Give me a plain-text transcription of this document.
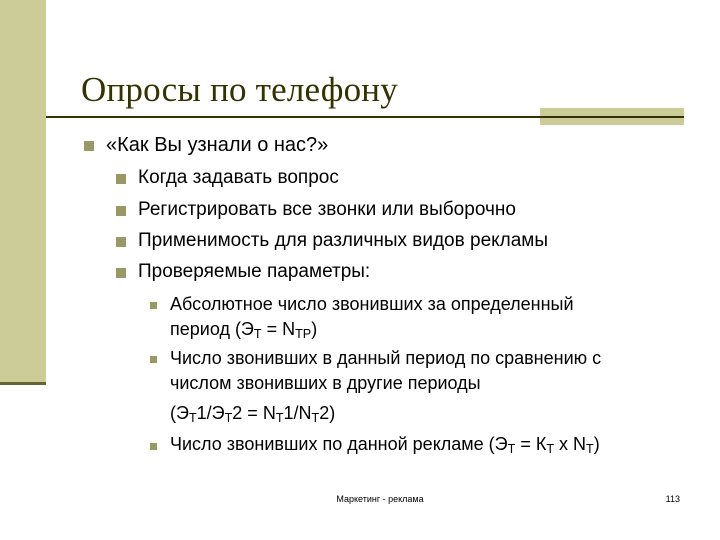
Опросы по телефону
«Как Вы узнали о нас?»
Когда задавать вопрос
Регистрировать все звонки или выборочно
Применимость для различных видов рекламы
Проверяемые параметры:
Абсолютное число звонивших за определенный
период $(Э_Т = N_{ТР})$
Число звонивших в данный период по сравнению с
числом звонивших в другие периоды
$(Э_Т1/Э_Т2 = N_Т1/N_Т2)$
Число звонивших по данной рекламе ($Э_Т = К_Т$ х $N_Т$)
Маркетинг - реклама	113
